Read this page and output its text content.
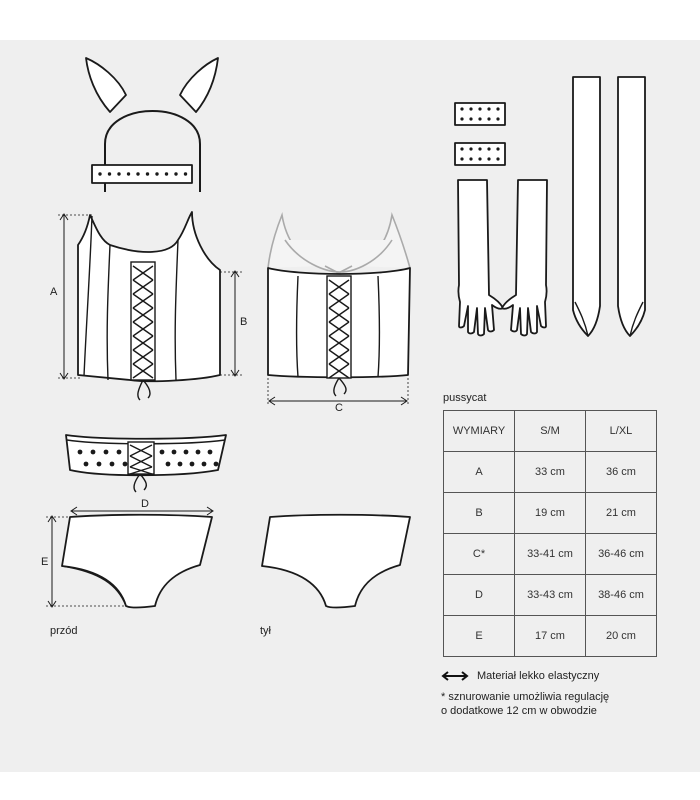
A
B
C
D
E
przód	tył
pussycat
WYMIARY	S/M	L/XL
A	33 cm	36 cm
B	19 cm	21 cm
C*	33-41 cm	36-46 cm
D	33-43 cm	38-46 cm
E	17 cm	20 cm
Materiał lekko elastyczny
* sznurowanie umożliwia regulację
o dodatkowe 12 cm w obwodzie
